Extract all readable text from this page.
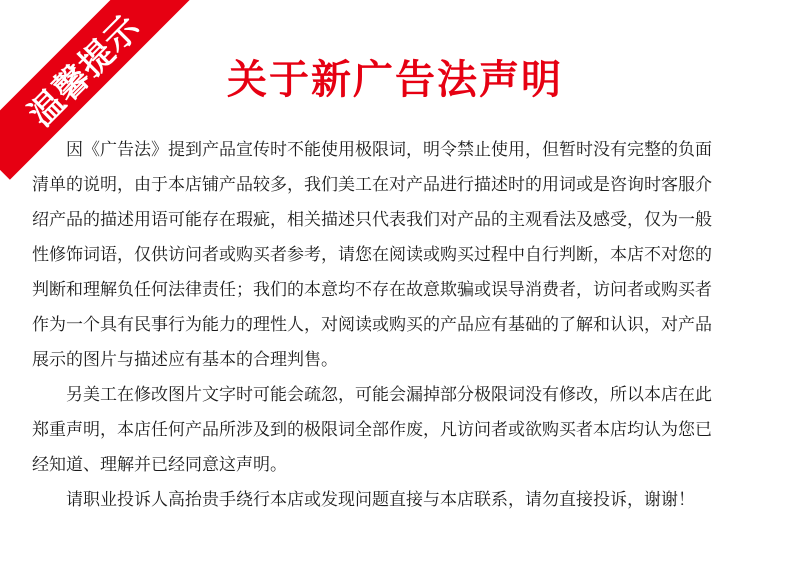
温馨提示	关于新广告法声明

因《广告法》提到产品宣传时不能使用极限词，明令禁止使用，但暂时没有完整的负面
清单的说明，由于本店铺产品较多，我们美工在对产品进行描述时的用词或是咨询时客服介
绍产品的描述用语可能存在瑕疵，相关描述只代表我们对产品的主观看法及感受，仅为一般
性修饰词语，仅供访问者或购买者参考，请您在阅读或购买过程中自行判断，本店不对您的
判断和理解负任何法律责任；我们的本意均不存在故意欺骗或误导消费者，访问者或购买者
作为一个具有民事行为能力的理性人，对阅读或购买的产品应有基础的了解和认识，对产品
展示的图片与描述应有基本的合理判售。

另美工在修改图片文字时可能会疏忽，可能会漏掉部分极限词没有修改，所以本店在此
郑重声明，本店任何产品所涉及到的极限词全部作废，凡访问者或欲购买者本店均认为您已
经知道、理解并已经同意这声明。

请职业投诉人高抬贵手绕行本店或发现问题直接与本店联系，请勿直接投诉，谢谢！
